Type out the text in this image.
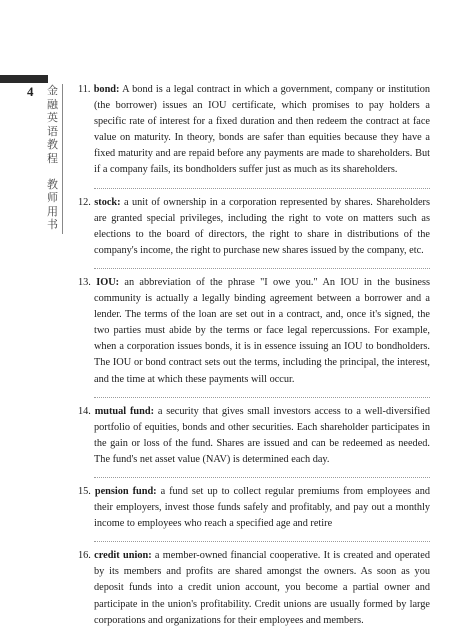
4 金
融
英
语
教
程
教
师
用
书

11. bond: A bond is a legal contract in which a government, company or institution (the borrower) issues an IOU certificate, which promises to pay holders a specific rate of interest for a fixed duration and then redeem the contract at face value on maturity. In theory, bonds are safer than equities because they have a fixed maturity and are repaid before any payments are made to shareholders. But if a company fails, its bondholders suffer just as much as its shareholders.

12. stock: a unit of ownership in a corporation represented by shares. Shareholders are granted special privileges, including the right to vote on matters such as elections to the board of directors, the right to share in distributions of the company's income, the right to purchase new shares issued by the company, etc.

13. IOU: an abbreviation of the phrase "I owe you." An IOU in the business community is actually a legally binding agreement between a borrower and a lender. The terms of the loan are set out in a contract, and, once it's signed, the two parties must abide by the terms or face legal repercussions. For example, when a corporation issues bonds, it is in essence issuing an IOU to bondholders. The IOU or bond contract sets out the terms, including the principal, the interest, and the time at which these payments will occur.

14. mutual fund: a security that gives small investors access to a well-diversified portfolio of equities, bonds and other securities. Each shareholder participates in the gain or loss of the fund. Shares are issued and can be redeemed as needed. The fund's net asset value (NAV) is determined each day.

15. pension fund: a fund set up to collect regular premiums from employees and their employers, invest those funds safely and profitably, and pay out a monthly income to employees who reach a specified age and retire

16. credit union: a member-owned financial cooperative. It is created and operated by its members and profits are shared amongst the owners. As soon as you deposit funds into a credit union account, you become a partial owner and participate in the union's profitability. Credit unions are usually formed by large corporations and organizations for their employees and members.
